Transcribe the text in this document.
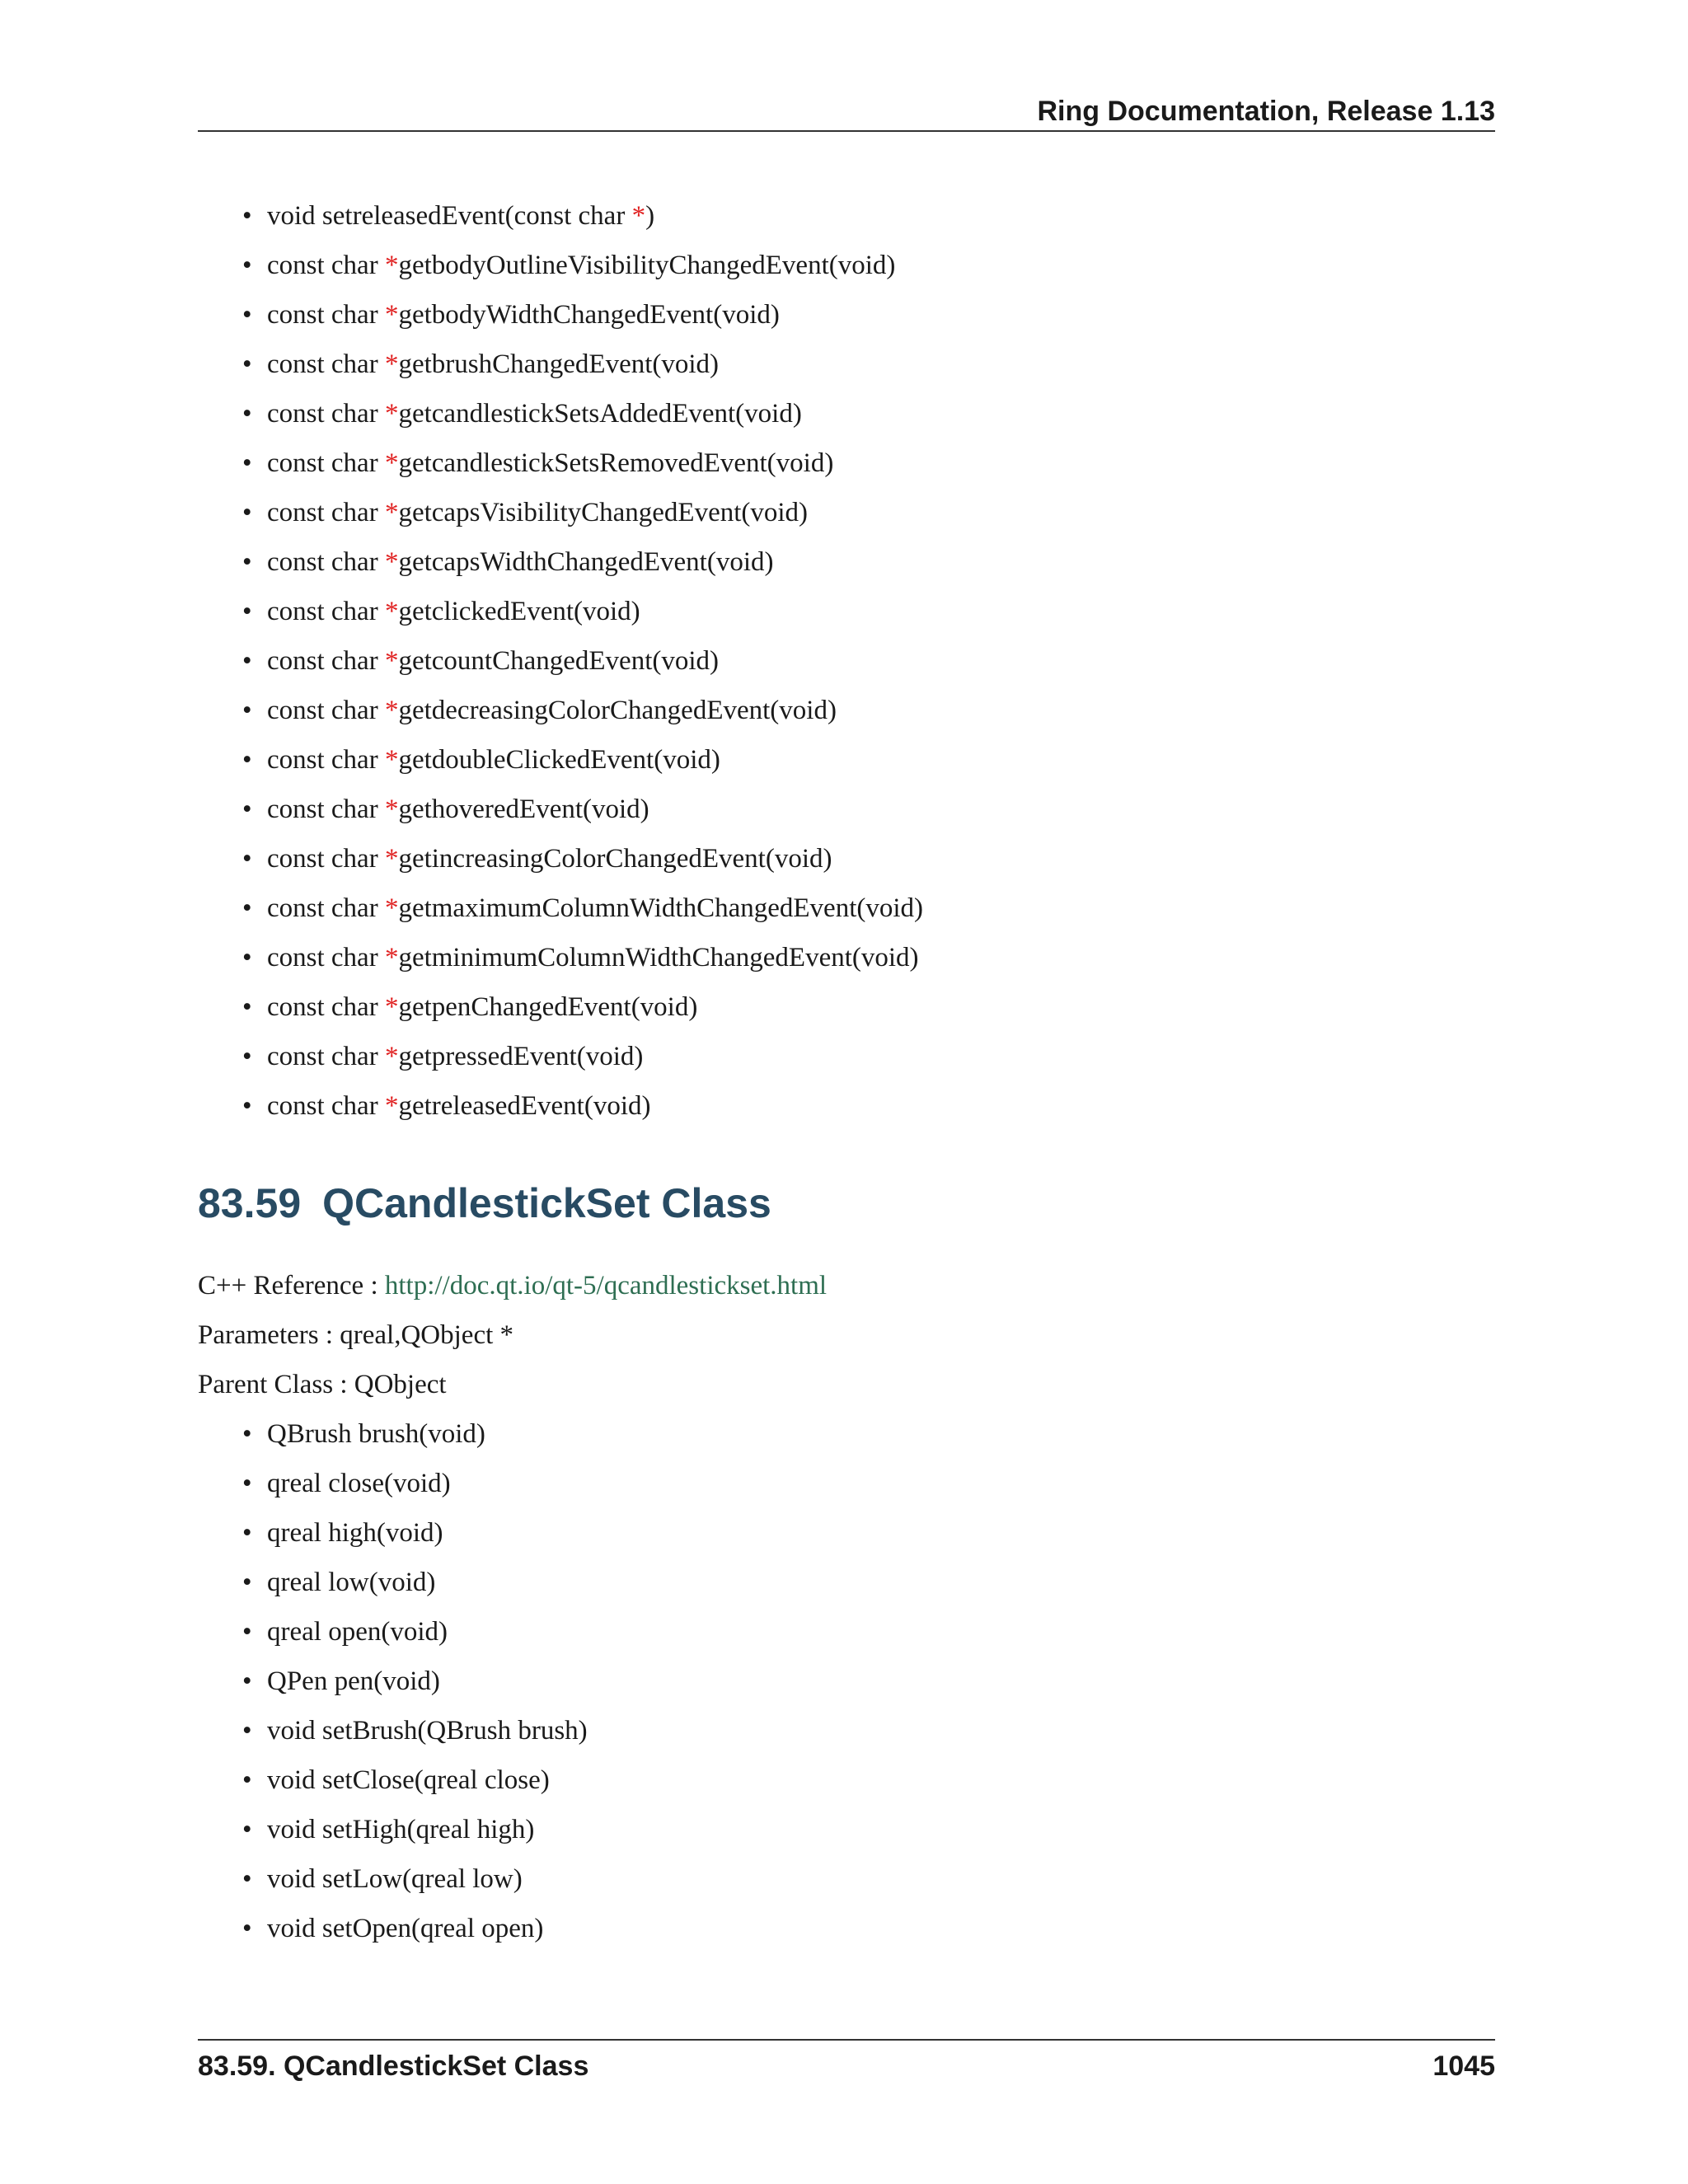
Ring Documentation, Release 1.13
• void setreleasedEvent(const char *)
• const char *getbodyOutlineVisibilityChangedEvent(void)
• const char *getbodyWidthChangedEvent(void)
• const char *getbrushChangedEvent(void)
• const char *getcandlestickSetsAddedEvent(void)
• const char *getcandlestickSetsRemovedEvent(void)
• const char *getcapsVisibilityChangedEvent(void)
• const char *getcapsWidthChangedEvent(void)
• const char *getclickedEvent(void)
• const char *getcountChangedEvent(void)
• const char *getdecreasingColorChangedEvent(void)
• const char *getdoubleClickedEvent(void)
• const char *gethoveredEvent(void)
• const char *getincreasingColorChangedEvent(void)
• const char *getmaximumColumnWidthChangedEvent(void)
• const char *getminimumColumnWidthChangedEvent(void)
• const char *getpenChangedEvent(void)
• const char *getpressedEvent(void)
• const char *getreleasedEvent(void)
83.59 QCandlestickSet Class
C++ Reference : http://doc.qt.io/qt-5/qcandlestickset.html
Parameters : qreal,QObject *
Parent Class : QObject
• QBrush brush(void)
• qreal close(void)
• qreal high(void)
• qreal low(void)
• qreal open(void)
• QPen pen(void)
• void setBrush(QBrush brush)
• void setClose(qreal close)
• void setHigh(qreal high)
• void setLow(qreal low)
• void setOpen(qreal open)
83.59. QCandlestickSet Class	1045
